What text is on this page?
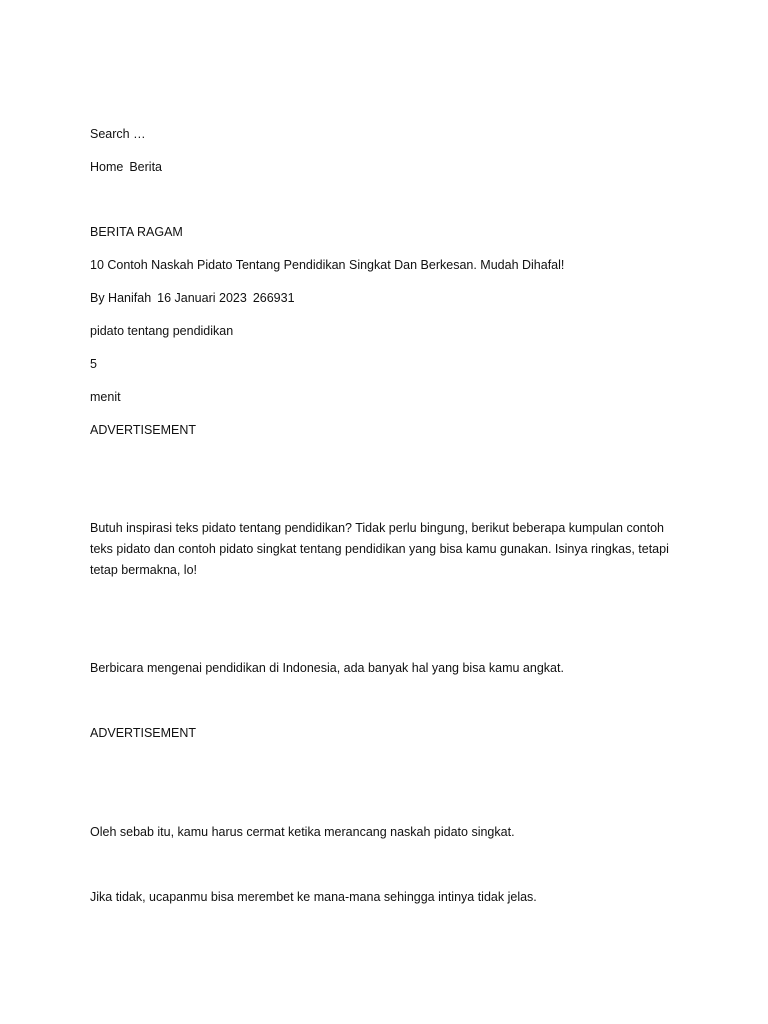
Search …
Home Berita
BERITA RAGAM
10 Contoh Naskah Pidato Tentang Pendidikan Singkat Dan Berkesan. Mudah Dihafal!
By Hanifah 16 Januari 2023 266931
pidato tentang pendidikan
5
menit
ADVERTISEMENT
Butuh inspirasi teks pidato tentang pendidikan? Tidak perlu bingung, berikut beberapa kumpulan contoh teks pidato dan contoh pidato singkat tentang pendidikan yang bisa kamu gunakan. Isinya ringkas, tetapi tetap bermakna, lo!
Berbicara mengenai pendidikan di Indonesia, ada banyak hal yang bisa kamu angkat.
ADVERTISEMENT
Oleh sebab itu, kamu harus cermat ketika merancang naskah pidato singkat.
Jika tidak, ucapanmu bisa merembet ke mana-mana sehingga intinya tidak jelas.
